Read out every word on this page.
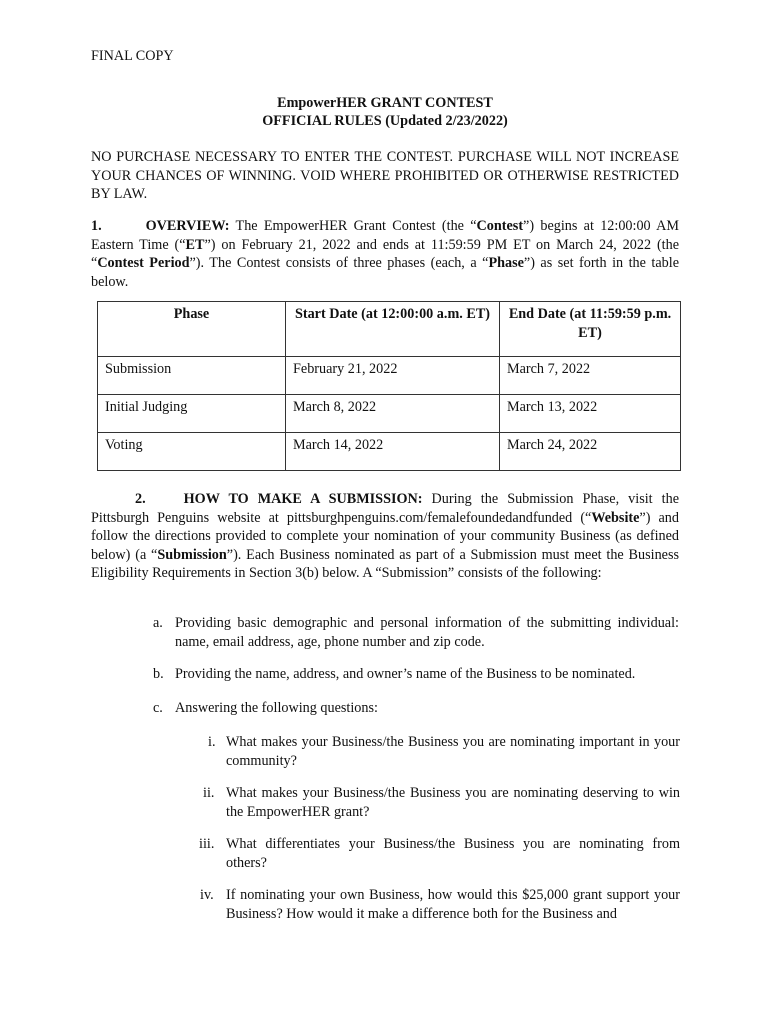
FINAL COPY
EmpowerHER GRANT CONTEST
OFFICIAL RULES (Updated 2/23/2022)
NO PURCHASE NECESSARY TO ENTER THE CONTEST. PURCHASE WILL NOT INCREASE YOUR CHANCES OF WINNING. VOID WHERE PROHIBITED OR OTHERWISE RESTRICTED BY LAW.
1.	OVERVIEW: The EmpowerHER Grant Contest (the “Contest”) begins at 12:00:00 AM Eastern Time (“ET”) on February 21, 2022 and ends at 11:59:59 PM ET on March 24, 2022 (the “Contest Period”). The Contest consists of three phases (each, a “Phase”) as set forth in the table below.
Phase	Start Date (at 12:00:00 a.m. ET)	End Date (at 11:59:59 p.m. ET)
Submission	February 21, 2022	March 7, 2022
Initial Judging	March 8, 2022	March 13, 2022
Voting	March 14, 2022	March 24, 2022
2.	HOW TO MAKE A SUBMISSION: During the Submission Phase, visit the Pittsburgh Penguins website at pittsburghpenguins.com/femalefoundedandfunded (“Website”) and follow the directions provided to complete your nomination of your community Business (as defined below) (a “Submission”). Each Business nominated as part of a Submission must meet the Business Eligibility Requirements in Section 3(b) below. A “Submission” consists of the following:
a. Providing basic demographic and personal information of the submitting individual: name, email address, age, phone number and zip code.
b. Providing the name, address, and owner’s name of the Business to be nominated.
c. Answering the following questions:
i. What makes your Business/the Business you are nominating important in your community?
ii. What makes your Business/the Business you are nominating deserving to win the EmpowerHER grant?
iii. What differentiates your Business/the Business you are nominating from others?
iv. If nominating your own Business, how would this $25,000 grant support your Business? How would it make a difference both for the Business and
